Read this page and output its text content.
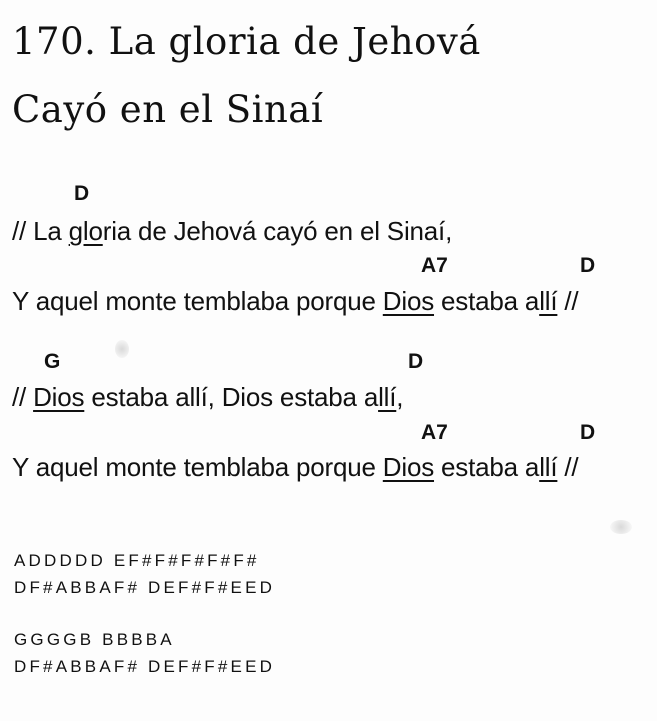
170. La gloria de Jehová
Cayó en el Sinaí
D
// La gloria de Jehová cayó en el Sinaí,
A7	D
Y aquel monte temblaba porque Dios estaba allí //
G	D
// Dios estaba allí, Dios estaba allí,
A7	D
Y aquel monte temblaba porque Dios estaba allí //
ADDDDD EF#F#F#F#F#
DF#ABBAF# DEF#F#EED
GGGGB BBBBA
DF#ABBAF# DEF#F#EED
